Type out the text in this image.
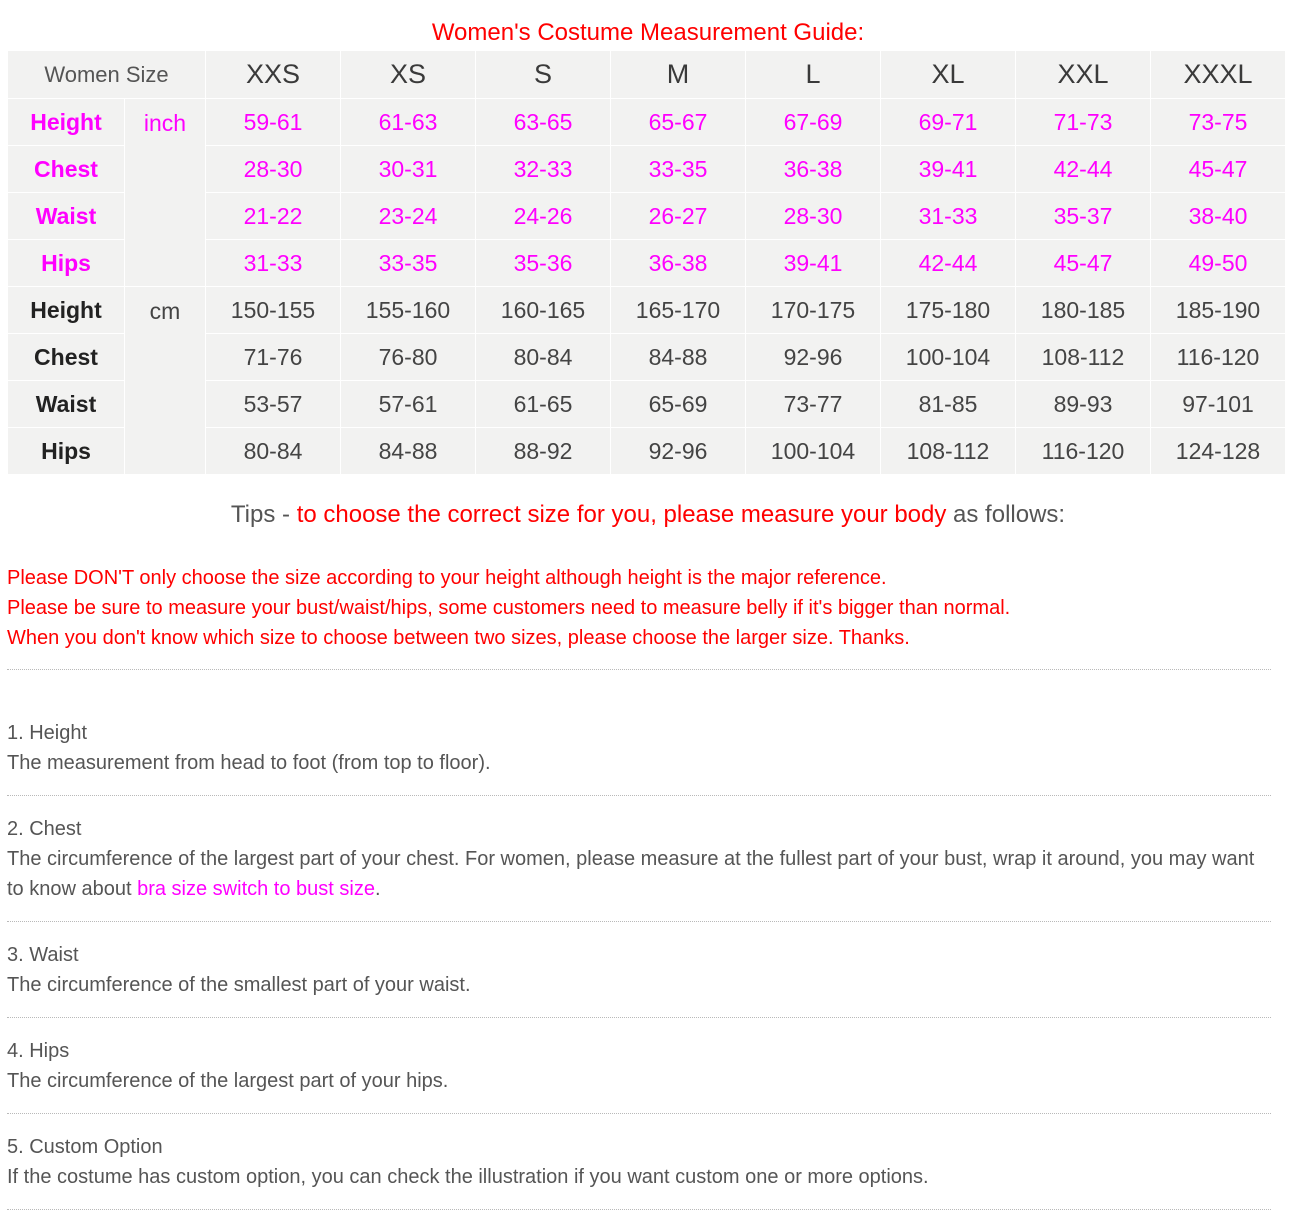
Women's Costume Measurement Guide:
Women Size		XXS	XS	S	M	L	XL	XXL	XXXL
Height	inch	59-61	61-63	63-65	65-67	67-69	69-71	71-73	73-75
Chest		28-30	30-31	32-33	33-35	36-38	39-41	42-44	45-47
Waist		21-22	23-24	24-26	26-27	28-30	31-33	35-37	38-40
Hips		31-33	33-35	35-36	36-38	39-41	42-44	45-47	49-50
Height	cm	150-155	155-160	160-165	165-170	170-175	175-180	180-185	185-190
Chest		71-76	76-80	80-84	84-88	92-96	100-104	108-112	116-120
Waist		53-57	57-61	61-65	65-69	73-77	81-85	89-93	97-101
Hips		80-84	84-88	88-92	92-96	100-104	108-112	116-120	124-128
Tips - to choose the correct size for you, please measure your body as follows:
Please DON'T only choose the size according to your height although height is the major reference.
Please be sure to measure your bust/waist/hips, some customers need to measure belly if it's bigger than normal.
When you don't know which size to choose between two sizes, please choose the larger size. Thanks.
1. Height
The measurement from head to foot (from top to floor).
2. Chest
The circumference of the largest part of your chest. For women, please measure at the fullest part of your bust, wrap it around, you may want to know about bra size switch to bust size.
3. Waist
The circumference of the smallest part of your waist.
4. Hips
The circumference of the largest part of your hips.
5. Custom Option
If the costume has custom option, you can check the illustration if you want custom one or more options.
